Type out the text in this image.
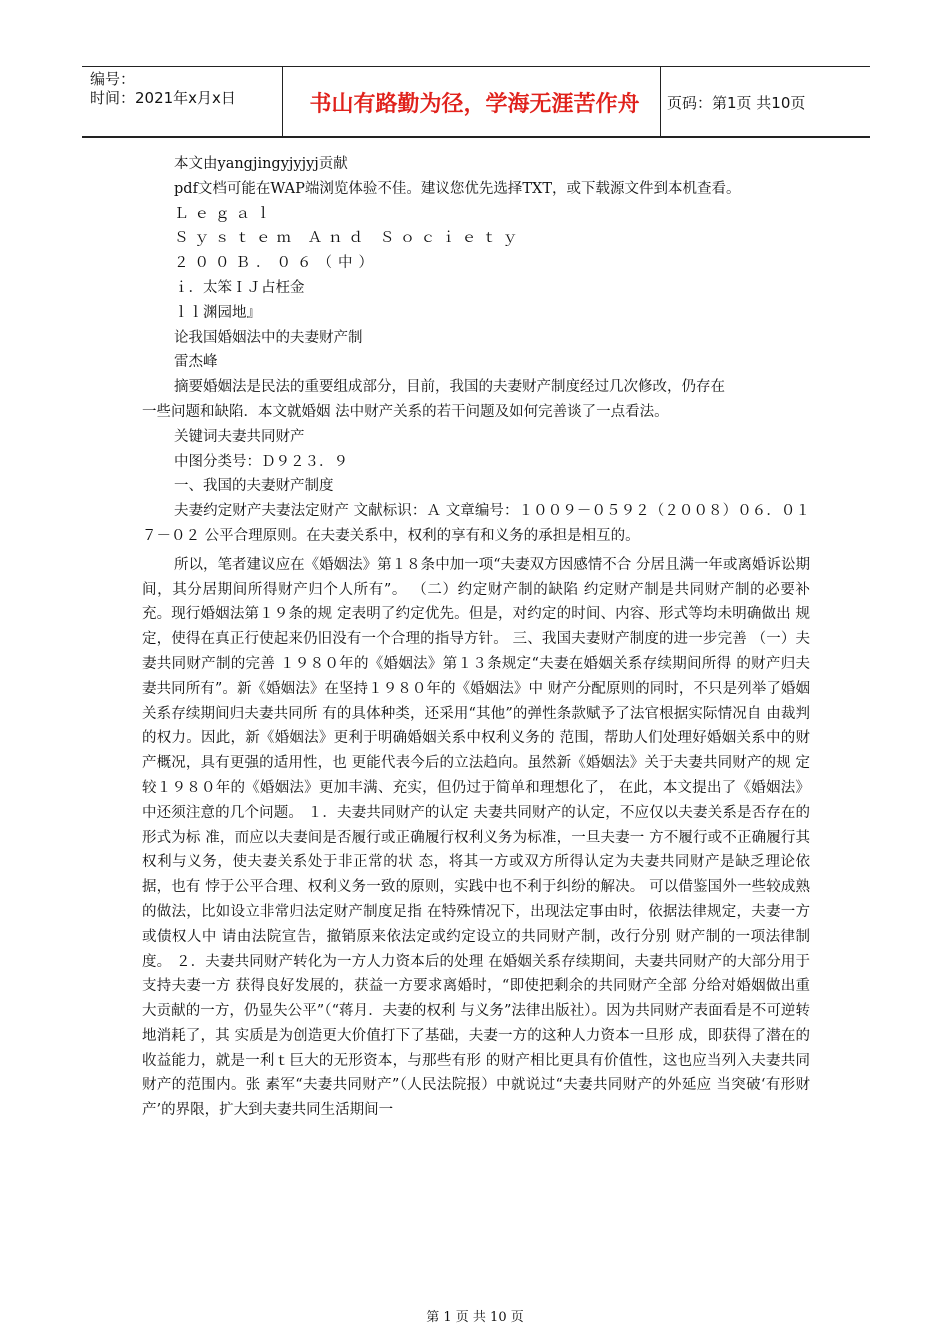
编号：
时间：2021年x月x日	书山有路勤为径，学海无涯苦作舟	页码：第1页 共10页
本文由yangjingyjyjyj贡献
pdf文档可能在WAP端浏览体验不佳。建议您优先选择TXT，或下载源文件到本机查看。
Ｌｅｇａｌ
Ｓｙｓｔｅｍ Ａｎｄ Ｓｏｃｉｅｔｙ
２００Ｂ．０６（中）
ｉ．太笨ＩＪ占枉金
ｌｌ渊园地』
论我国婚姻法中的夫妻财产制
雷杰峰
摘要婚姻法是民法的重要组成部分，目前，我国的夫妻财产制度经过几次修改，仍存在
一些问题和缺陷．本文就婚姻 法中财产关系的若干问题及如何完善谈了一点看法。
关键词夫妻共同财产
中图分类号：Ｄ９２３．９
一、我国的夫妻财产制度
夫妻约定财产夫妻法定财产 文献标识：Ａ 文章编号：１００９－０５９２（２００８）０６．０１７－０２ 公平合理原则。在夫妻关系中，权利的享有和义务的承担是相互的。
所以，笔者建议应在《婚姻法》第１８条中加一项“夫妻双方因感情不合 分居且满一年或离婚诉讼期间，其分居期间所得财产归个人所有”。 （二）约定财产制的缺陷 约定财产制是共同财产制的必要补充。现行婚姻法第１９条的规 定表明了约定优先。但是，对约定的时间、内容、形式等均未明确做出 规定，使得在真正行使起来仍旧没有一个合理的指导方针。 三、我国夫妻财产制度的进一步完善 （一）夫妻共同财产制的完善 １９８０年的《婚姻法》第１３条规定“夫妻在婚姻关系存续期间所得 的财产归夫妻共同所有”。新《婚姻法》在坚持１９８０年的《婚姻法》中 财产分配原则的同时，不只是列举了婚姻关系存续期间归夫妻共同所 有的具体种类，还采用“其他”的弹性条款赋予了法官根据实际情况自 由裁判的权力。因此，新《婚姻法》更利于明确婚姻关系中权利义务的 范围，帮助人们处理好婚姻关系中的财产概况，具有更强的适用性，也 更能代表今后的立法趋向。虽然新《婚姻法》关于夫妻共同财产的规 定较１９８０年的《婚姻法》更加丰满、充实，但仍过于简单和理想化了， 在此，本文提出了《婚姻法》中还须注意的几个问题。 １．夫妻共同财产的认定 夫妻共同财产的认定，不应仅以夫妻关系是否存在的形式为标 准，而应以夫妻间是否履行或正确履行权利义务为标准，一旦夫妻一 方不履行或不正确履行其权利与义务，使夫妻关系处于非正常的状 态，将其一方或双方所得认定为夫妻共同财产是缺乏理论依据，也有 悖于公平合理、权利义务一致的原则，实践中也不利于纠纷的解决。 可以借鉴国外一些较成熟的做法，比如设立非常归法定财产制度足指 在特殊情况下，出现法定事由时，依据法律规定，夫妻一方或债权人中 请由法院宣告，撤销原来依法定或约定设立的共同财产制，改行分别 财产制的一项法律制度。 ２．夫妻共同财产转化为一方人力资本后的处理 在婚姻关系存续期间，夫妻共同财产的大部分用于支持夫妻一方 获得良好发展的，获益一方要求离婚时，“即使把剩余的共同财产全部 分给对婚姻做出重大贡献的一方，仍显失公平”（“蒋月．夫妻的权利 与义务”法律出版社）。因为共同财产表面看是不可逆转地消耗了，其 实质是为创造更大价值打下了基础，夫妻一方的这种人力资本一旦形 成，即获得了潜在的收益能力，就是一利ｔ巨大的无形资本，与那些有形 的财产相比更具有价值性，这也应当列入夫妻共同财产的范围内。张 素军“夫妻共同财产”（人民法院报）中就说过“夫妻共同财产的外延应 当突破‘有形财产’的界限，扩大到夫妻共同生活期间一
第 1 页 共 10 页
